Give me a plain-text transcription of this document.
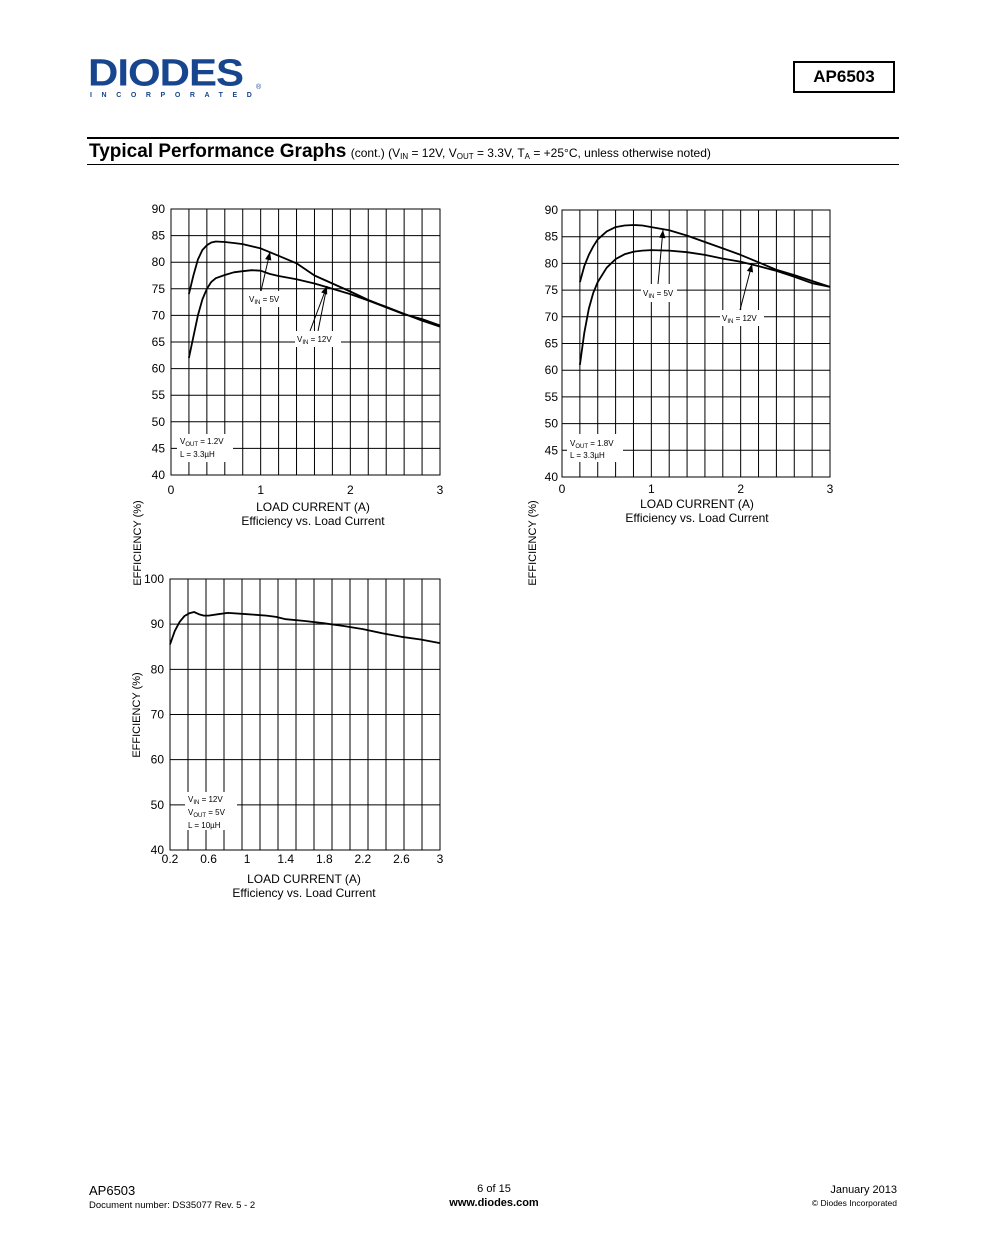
DIODES
INCORPORATED
®
AP6503
Typical Performance Graphs (cont.) ($V_{IN} = 12V$, $V_{OUT} = 3.3V$, $T_A = +25^\circ C$, unless otherwise noted)
90
85
80
75
70
65
60
55
50
45
40
0	1	2	3
$V_{IN} = 5V$
$V_{IN} = 12V$
$V_{OUT} = 1.2V$
L = 3.3µH
EFFICIENCY (%)	LOAD CURRENT (A)
Efficiency vs. Load Current
90
85
80
75
70
65
60
55
50
45
40
0	1	2	3
$V_{IN} = 5V$
$V_{IN} = 12V$
$V_{OUT} = 1.8V$
L = 3.3µH
EFFICIENCY (%)	LOAD CURRENT (A)
Efficiency vs. Load Current
100
90
80
70
60
50
40
0.2 0.6 1 1.4 1.8 2.2 2.6 3
$V_{IN} = 12V$
$V_{OUT} = 5V$
L = 10µH
EFFICIENCY (%)
LOAD CURRENT (A)
Efficiency vs. Load Current
AP6503
Document number: DS35077 Rev. 5 - 2
6 of 15
www.diodes.com
January 2013
© Diodes Incorporated
